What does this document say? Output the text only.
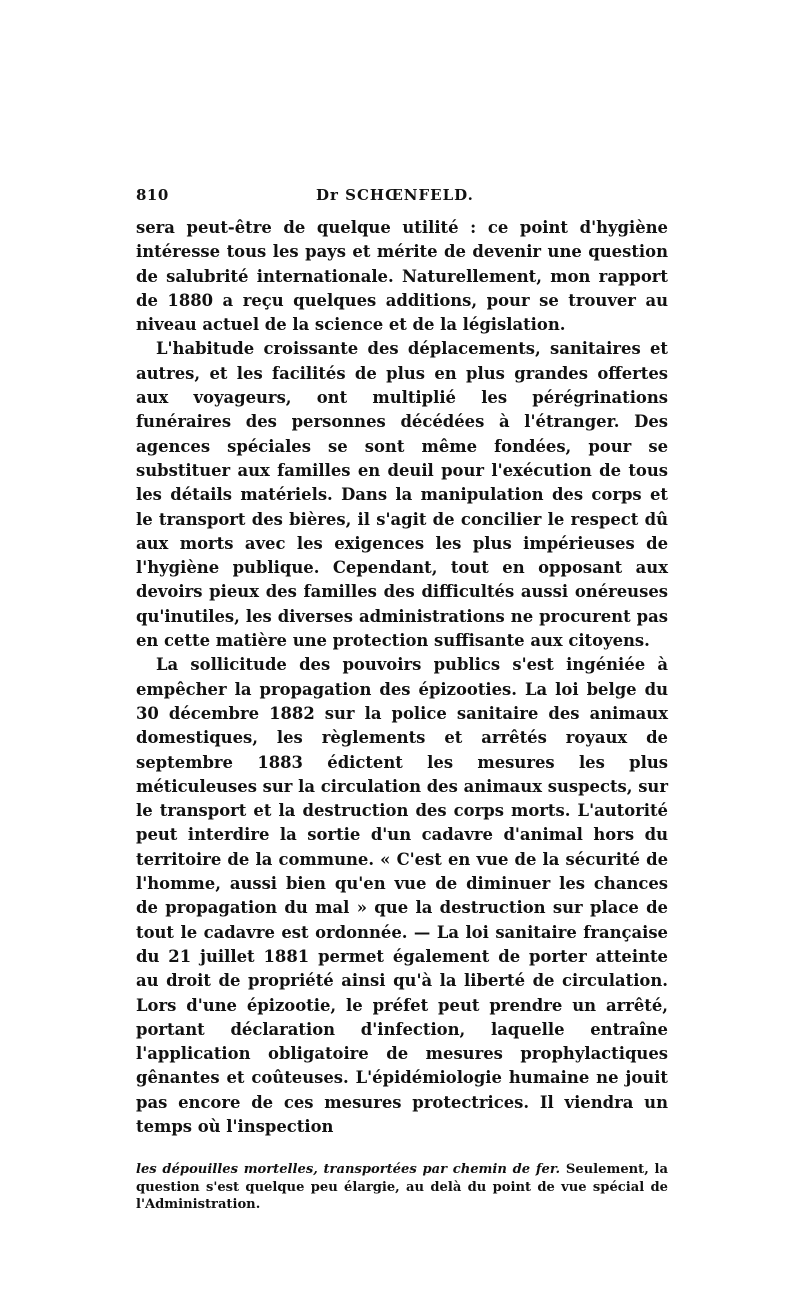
810	Dr SCHŒNFELD.

sera peut-être de quelque utilité : ce point d'hygiène intéresse tous les pays et mérite de devenir une question de salubrité internationale. Naturellement, mon rapport de 1880 a reçu quelques additions, pour se trouver au niveau actuel de la science et de la législation.

L'habitude croissante des déplacements, sanitaires et autres, et les facilités de plus en plus grandes offertes aux voyageurs, ont multiplié les pérégrinations funéraires des personnes décédées à l'étranger. Des agences spéciales se sont même fondées, pour se substituer aux familles en deuil pour l'exécution de tous les détails matériels. Dans la manipulation des corps et le transport des bières, il s'agit de concilier le respect dû aux morts avec les exigences les plus impérieuses de l'hygiène publique. Cependant, tout en opposant aux devoirs pieux des familles des difficultés aussi onéreuses qu'inutiles, les diverses administrations ne procurent pas en cette matière une protection suffisante aux citoyens.

La sollicitude des pouvoirs publics s'est ingéniée à empêcher la propagation des épizooties. La loi belge du 30 décembre 1882 sur la police sanitaire des animaux domestiques, les règlements et arrêtés royaux de septembre 1883 édictent les mesures les plus méticuleuses sur la circulation des animaux suspects, sur le transport et la destruction des corps morts. L'autorité peut interdire la sortie d'un cadavre d'animal hors du territoire de la commune. « C'est en vue de la sécurité de l'homme, aussi bien qu'en vue de diminuer les chances de propagation du mal » que la destruction sur place de tout le cadavre est ordonnée. — La loi sanitaire française du 21 juillet 1881 permet également de porter atteinte au droit de propriété ainsi qu'à la liberté de circulation. Lors d'une épizootie, le préfet peut prendre un arrêté, portant déclaration d'infection, laquelle entraîne l'application obligatoire de mesures prophylactiques gênantes et coûteuses. L'épidémiologie humaine ne jouit pas encore de ces mesures protectrices. Il viendra un temps où l'inspection

les dépouilles mortelles, transportées par chemin de fer. Seulement, la question s'est quelque peu élargie, au delà du point de vue spécial de l'Administration.
